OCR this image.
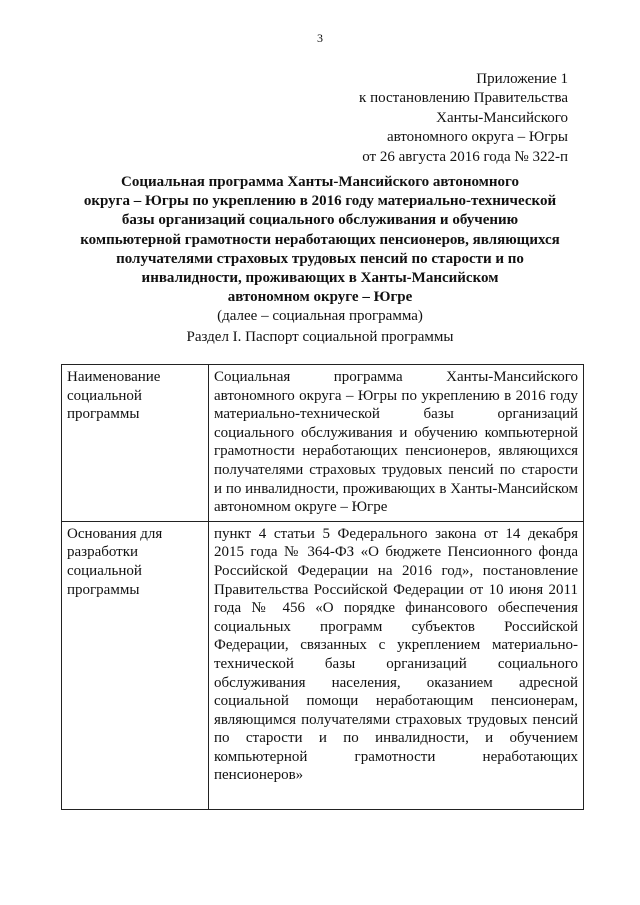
3
Приложение 1
к постановлению Правительства
Ханты-Мансийского
автономного округа – Югры
от 26 августа 2016 года № 322-п
Социальная программа Ханты-Мансийского автономного
округа – Югры по укреплению в 2016 году материально-технической
базы организаций социального обслуживания и обучению
компьютерной грамотности неработающих пенсионеров, являющихся
получателями страховых трудовых пенсий по старости и по
инвалидности, проживающих в Ханты-Мансийском
автономном округе – Югре
(далее – социальная программа)
Раздел I. Паспорт социальной программы
Наименование социальной программы	Социальная программа Ханты-Мансийского автономного округа – Югры по укреплению в 2016 году материально-технической базы организаций социального обслуживания и обучению компьютерной грамотности неработающих пенсионеров, являющихся получателями страховых трудовых пенсий по старости и по инвалидности, проживающих в Ханты-Мансийском автономном округе – Югре
Основания для разработки социальной программы	пункт 4 статьи 5 Федерального закона от 14 декабря 2015 года № 364-ФЗ «О бюджете Пенсионного фонда Российской Федерации на 2016 год», постановление Правительства Российской Федерации от 10 июня 2011 года № 456 «О порядке финансового обеспечения социальных программ субъектов Российской Федерации, связанных с укреплением материально-технической базы организаций социального обслуживания населения, оказанием адресной социальной помощи неработающим пенсионерам, являющимся получателями страховых трудовых пенсий по старости и по инвалидности, и обучением компьютерной грамотности неработающих пенсионеров»
